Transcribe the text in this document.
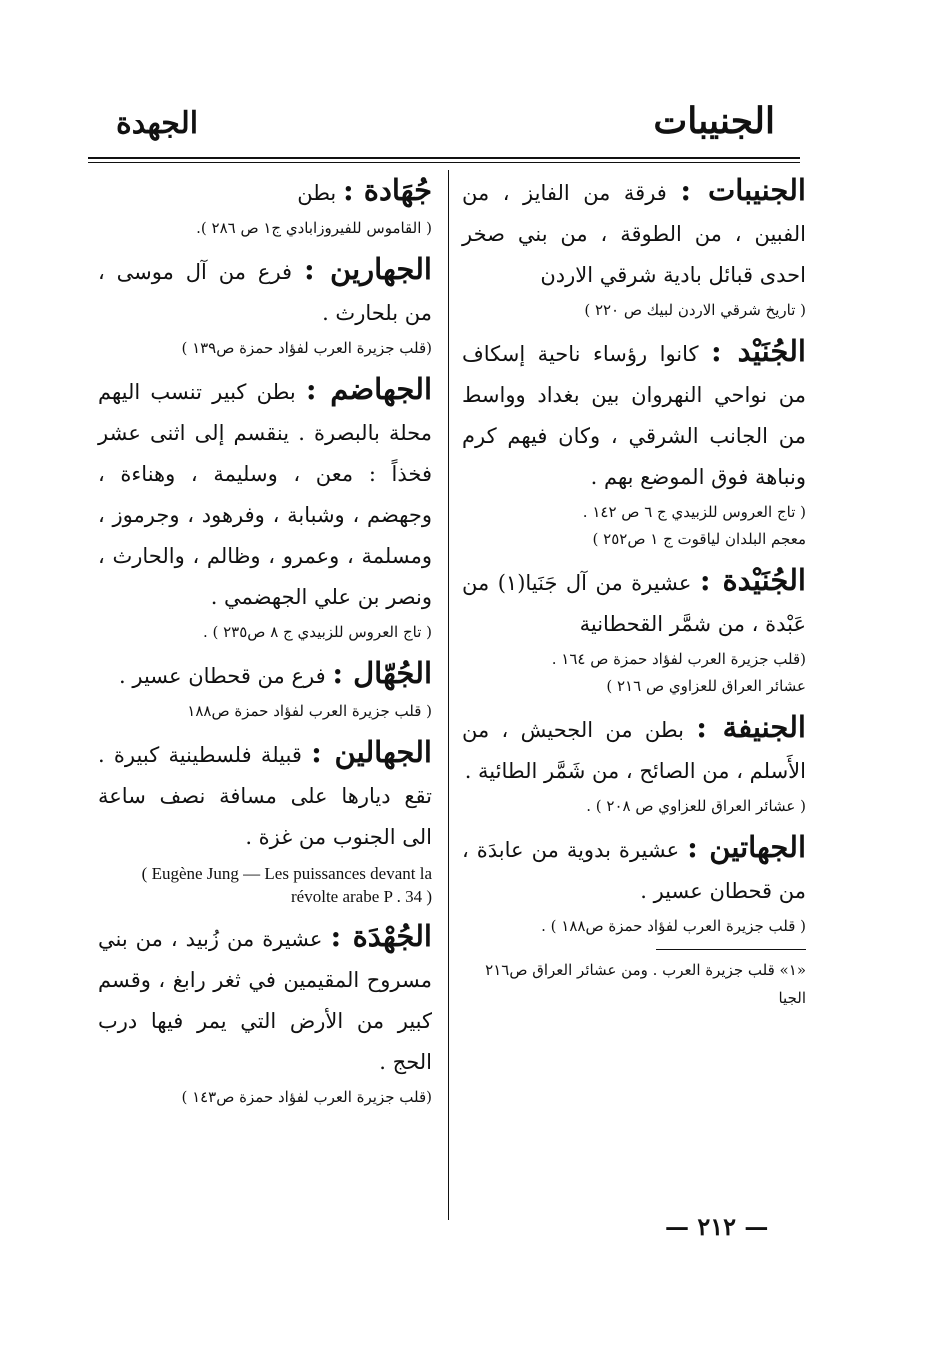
الجنيبات
الجهدة
الجنيبات : فرقة من الفايز ، من الفبين ، من الطوقة ، من بني صخر احدى قبائل بادية شرقي الاردن
( تاريخ شرقي الاردن لبيك ص ٢٢٠ )
الجُنَيْد : كانوا رؤساء ناحية إسكاف من نواحي النهروان بين بغداد وواسط من الجانب الشرقي ، وكان فيهم كرم ونباهة فوق الموضع بهم .
( تاج العروس للزبيدي ج ٦ ص ١٤٢ .
معجم البلدان لياقوت ج ١ ص٢٥٢ )
الجُنَيْدة : عشيرة من آل جَنَيا(١) من عَبْدة ، من شمَّر القحطانية
(قلب جزيرة العرب لفؤاد حمزة ص ١٦٤ .
عشائر العراق للعزاوي ص ٢١٦ )
الجنيفة : بطن من الجحيش ، من الأَسلم ، من الصائح ، من شَمَّر الطائية .
( عشائر العراق للعزاوي ص ٢٠٨ ) .
الجهاتين : عشيرة بدوية من عابدَة ، من قحطان عسير .
( قلب جزيرة العرب لفؤاد حمزة ص١٨٨ ) .
«١» قلب جزيرة العرب . ومن عشائر العراق ص٢١٦ الجيا
جُهَادة : بطن
( القاموس للفيروزابادي ج١ ص ٢٨٦ ).
الجهارين : فرع من آل موسى ، من بلحارث .
(قلب جزيرة العرب لفؤاد حمزة ص١٣٩ )
الجهاضم : بطن كبير تنسب اليهم محلة بالبصرة . ينقسم إلى اثنى عشر فخذاً : معن ، وسليمة ، وهناءة ، وجهضم ، وشبابة ، وفرهود ، وجرموز ، ومسلمة ، وعمرو ، وظالم ، والحارث ، ونصر بن علي الجهضمي .
( تاج العروس للزبيدي ج ٨ ص٢٣٥ ) .
الجُهّال : فرع من قحطان عسير .
( قلب جزيرة العرب لفؤاد حمزة ص١٨٨
الجهالين : قبيلة فلسطينية كبيرة . تقع ديارها على مسافة نصف ساعة الى الجنوب من غزة .
( Eugène Jung — Les puissances devant la révolte arabe P . 34 )
الجُهْدَة : عشيرة من زُبيد ، من بني مسروح المقيمين في ثغر رابغ ، وقسم كبير من الأرض التي يمر فيها درب الحج .
(قلب جزيرة العرب لفؤاد حمزة ص١٤٣ )
— ٢١٢ —
